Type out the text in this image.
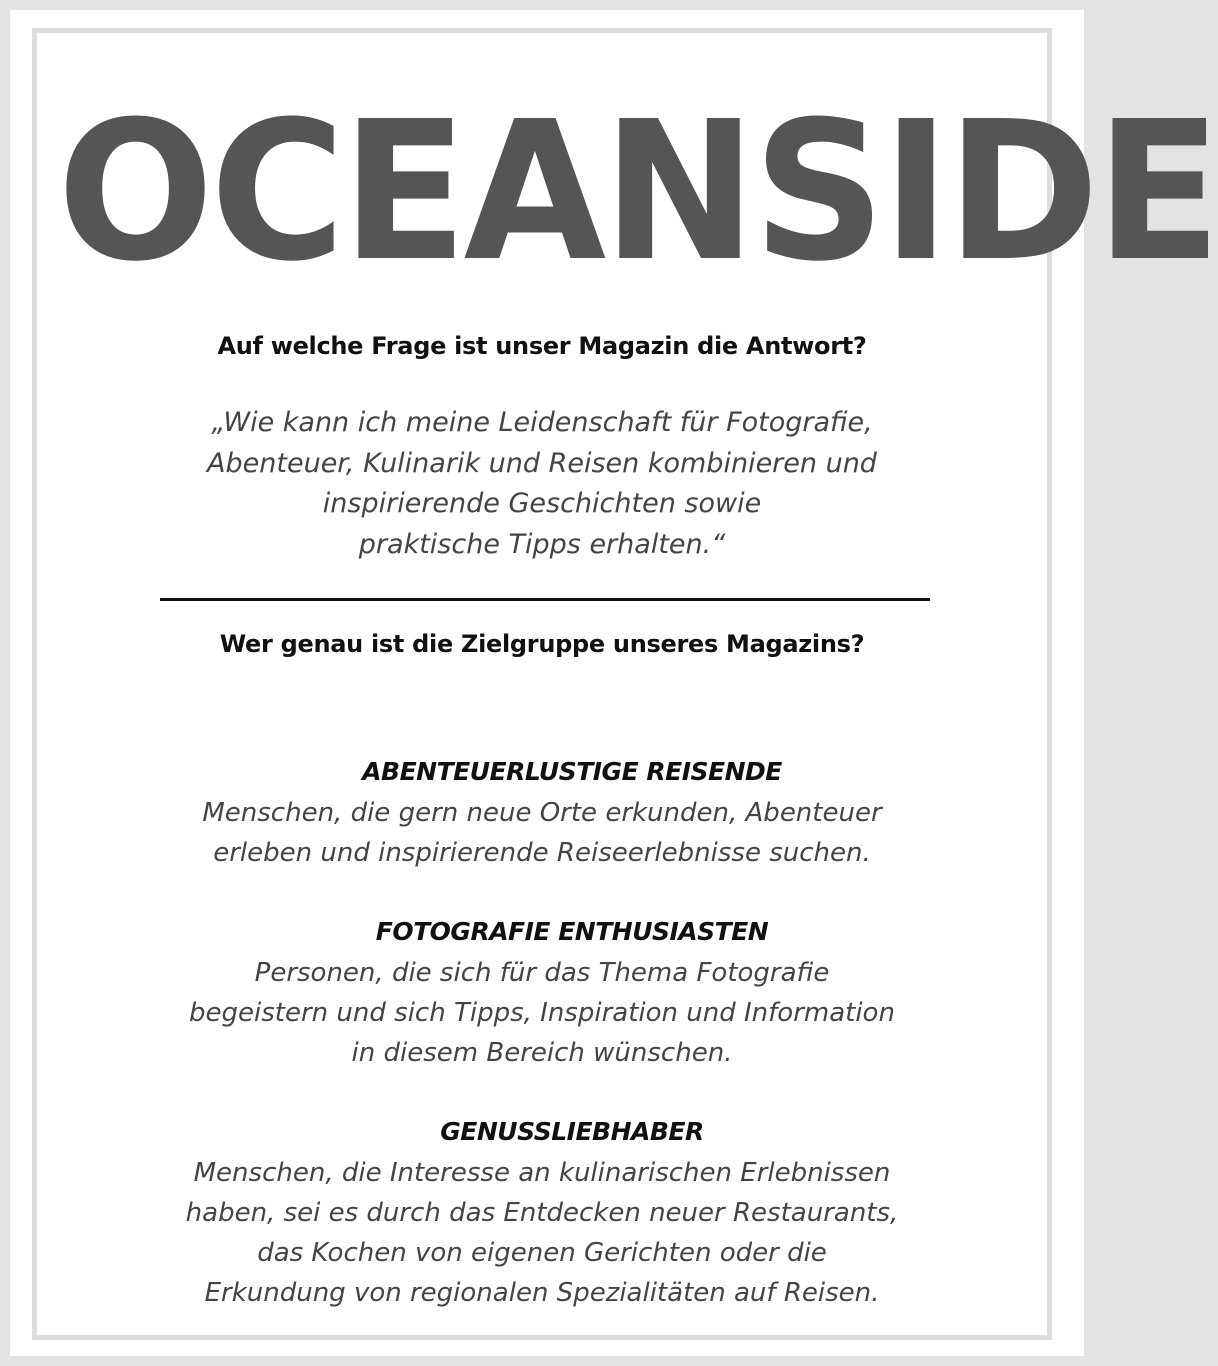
OCEANSIDE
Auf welche Frage ist unser Magazin die Antwort?
„Wie kann ich meine Leidenschaft für Fotografie,
Abenteuer, Kulinarik und Reisen kombinieren und
inspirierende Geschichten sowie
praktische Tipps erhalten.“
Wer genau ist die Zielgruppe unseres Magazins?
ABENTEUERLUSTIGE REISENDE
Menschen, die gern neue Orte erkunden, Abenteuer
erleben und inspirierende Reiseerlebnisse suchen.
FOTOGRAFIE ENTHUSIASTEN
Personen, die sich für das Thema Fotografie
begeistern und sich Tipps, Inspiration und Information
in diesem Bereich wünschen.
GENUSSLIEBHABER
Menschen, die Interesse an kulinarischen Erlebnissen
haben, sei es durch das Entdecken neuer Restaurants,
das Kochen von eigenen Gerichten oder die
Erkundung von regionalen Spezialitäten auf Reisen.
